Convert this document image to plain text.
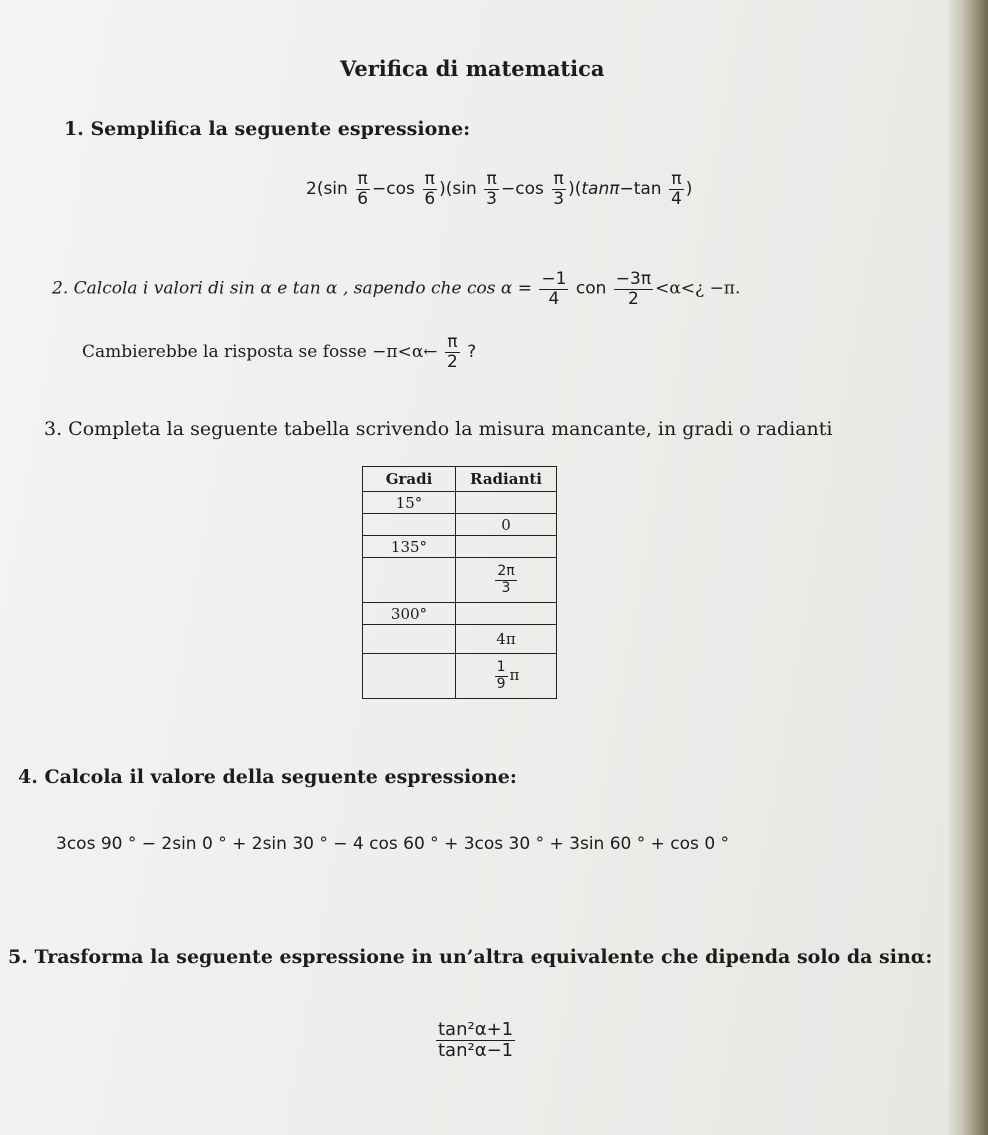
Verifica di matematica
1. Semplifica la seguente espressione:
$2(\sin \frac{\pi}{6} -\cos \frac{\pi}{6} )(\sin \frac{\pi}{3} -\cos \frac{\pi}{3} )(\tan\pi-\tan \frac{\pi}{4}$ )
2. Calcola i valori di sin α e tan α , sapendo che $\cos \alpha = \frac{-1}{4}$ con $\frac{-3\pi}{2}$ <α<¿ −π.
Cambierebbe la risposta se fosse −π<α← $\frac{\pi}{2}$ ?
3. Completa la seguente tabella scrivendo la misura mancante, in gradi o radianti
Gradi	Radianti
15°	
	0
135°	

	$\frac{2\pi}{3}$

300°	
	4π

	$\frac{1}{9}$ π
4. Calcola il valore della seguente espressione:
3cos 90 ° − 2sin 0 ° + 2sin 30 ° − 4 cos 60 ° + 3cos 30 ° + 3sin 60 ° + cos 0 °
5. Trasforma la seguente espressione in un’altra equivalente che dipenda solo da sinα:
$\frac{\text{tan²α+1}}{\text{tan²α−1}}$
